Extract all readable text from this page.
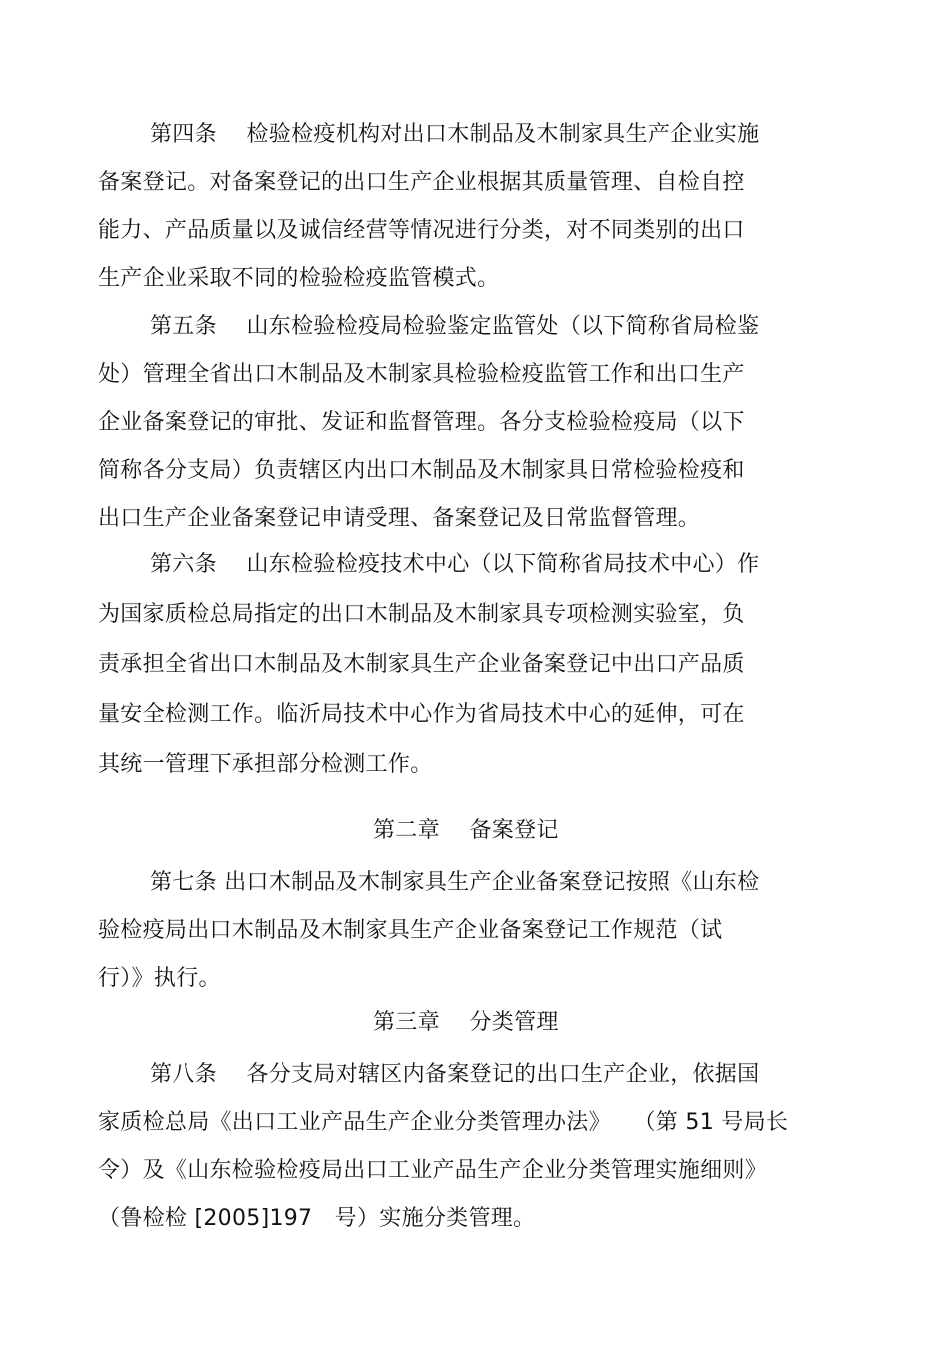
第四条　 检验检疫机构对出口木制品及木制家具生产企业实施
备案登记。对备案登记的出口生产企业根据其质量管理、自检自控
能力、产品质量以及诚信经营等情况进行分类，对不同类别的出口
生产企业采取不同的检验检疫监管模式。
第五条　 山东检验检疫局检验鉴定监管处（以下简称省局检鉴
处）管理全省出口木制品及木制家具检验检疫监管工作和出口生产
企业备案登记的审批、发证和监督管理。各分支检验检疫局（以下
简称各分支局）负责辖区内出口木制品及木制家具日常检验检疫和
出口生产企业备案登记申请受理、备案登记及日常监督管理。
第六条　 山东检验检疫技术中心（以下简称省局技术中心）作
为国家质检总局指定的出口木制品及木制家具专项检测实验室，负
责承担全省出口木制品及木制家具生产企业备案登记中出口产品质
量安全检测工作。临沂局技术中心作为省局技术中心的延伸，可在
其统一管理下承担部分检测工作。
第二章　 备案登记
第七条 出口木制品及木制家具生产企业备案登记按照《山东检
验检疫局出口木制品及木制家具生产企业备案登记工作规范（试
行）》执行。
第三章　 分类管理
第八条　 各分支局对辖区内备案登记的出口生产企业，依据国
家质检总局《出口工业产品生产企业分类管理办法》　　（第 51 号局长
令）及《山东检验检疫局出口工业产品生产企业分类管理实施细则》
（鲁检检 [2005]197　号）实施分类管理。
